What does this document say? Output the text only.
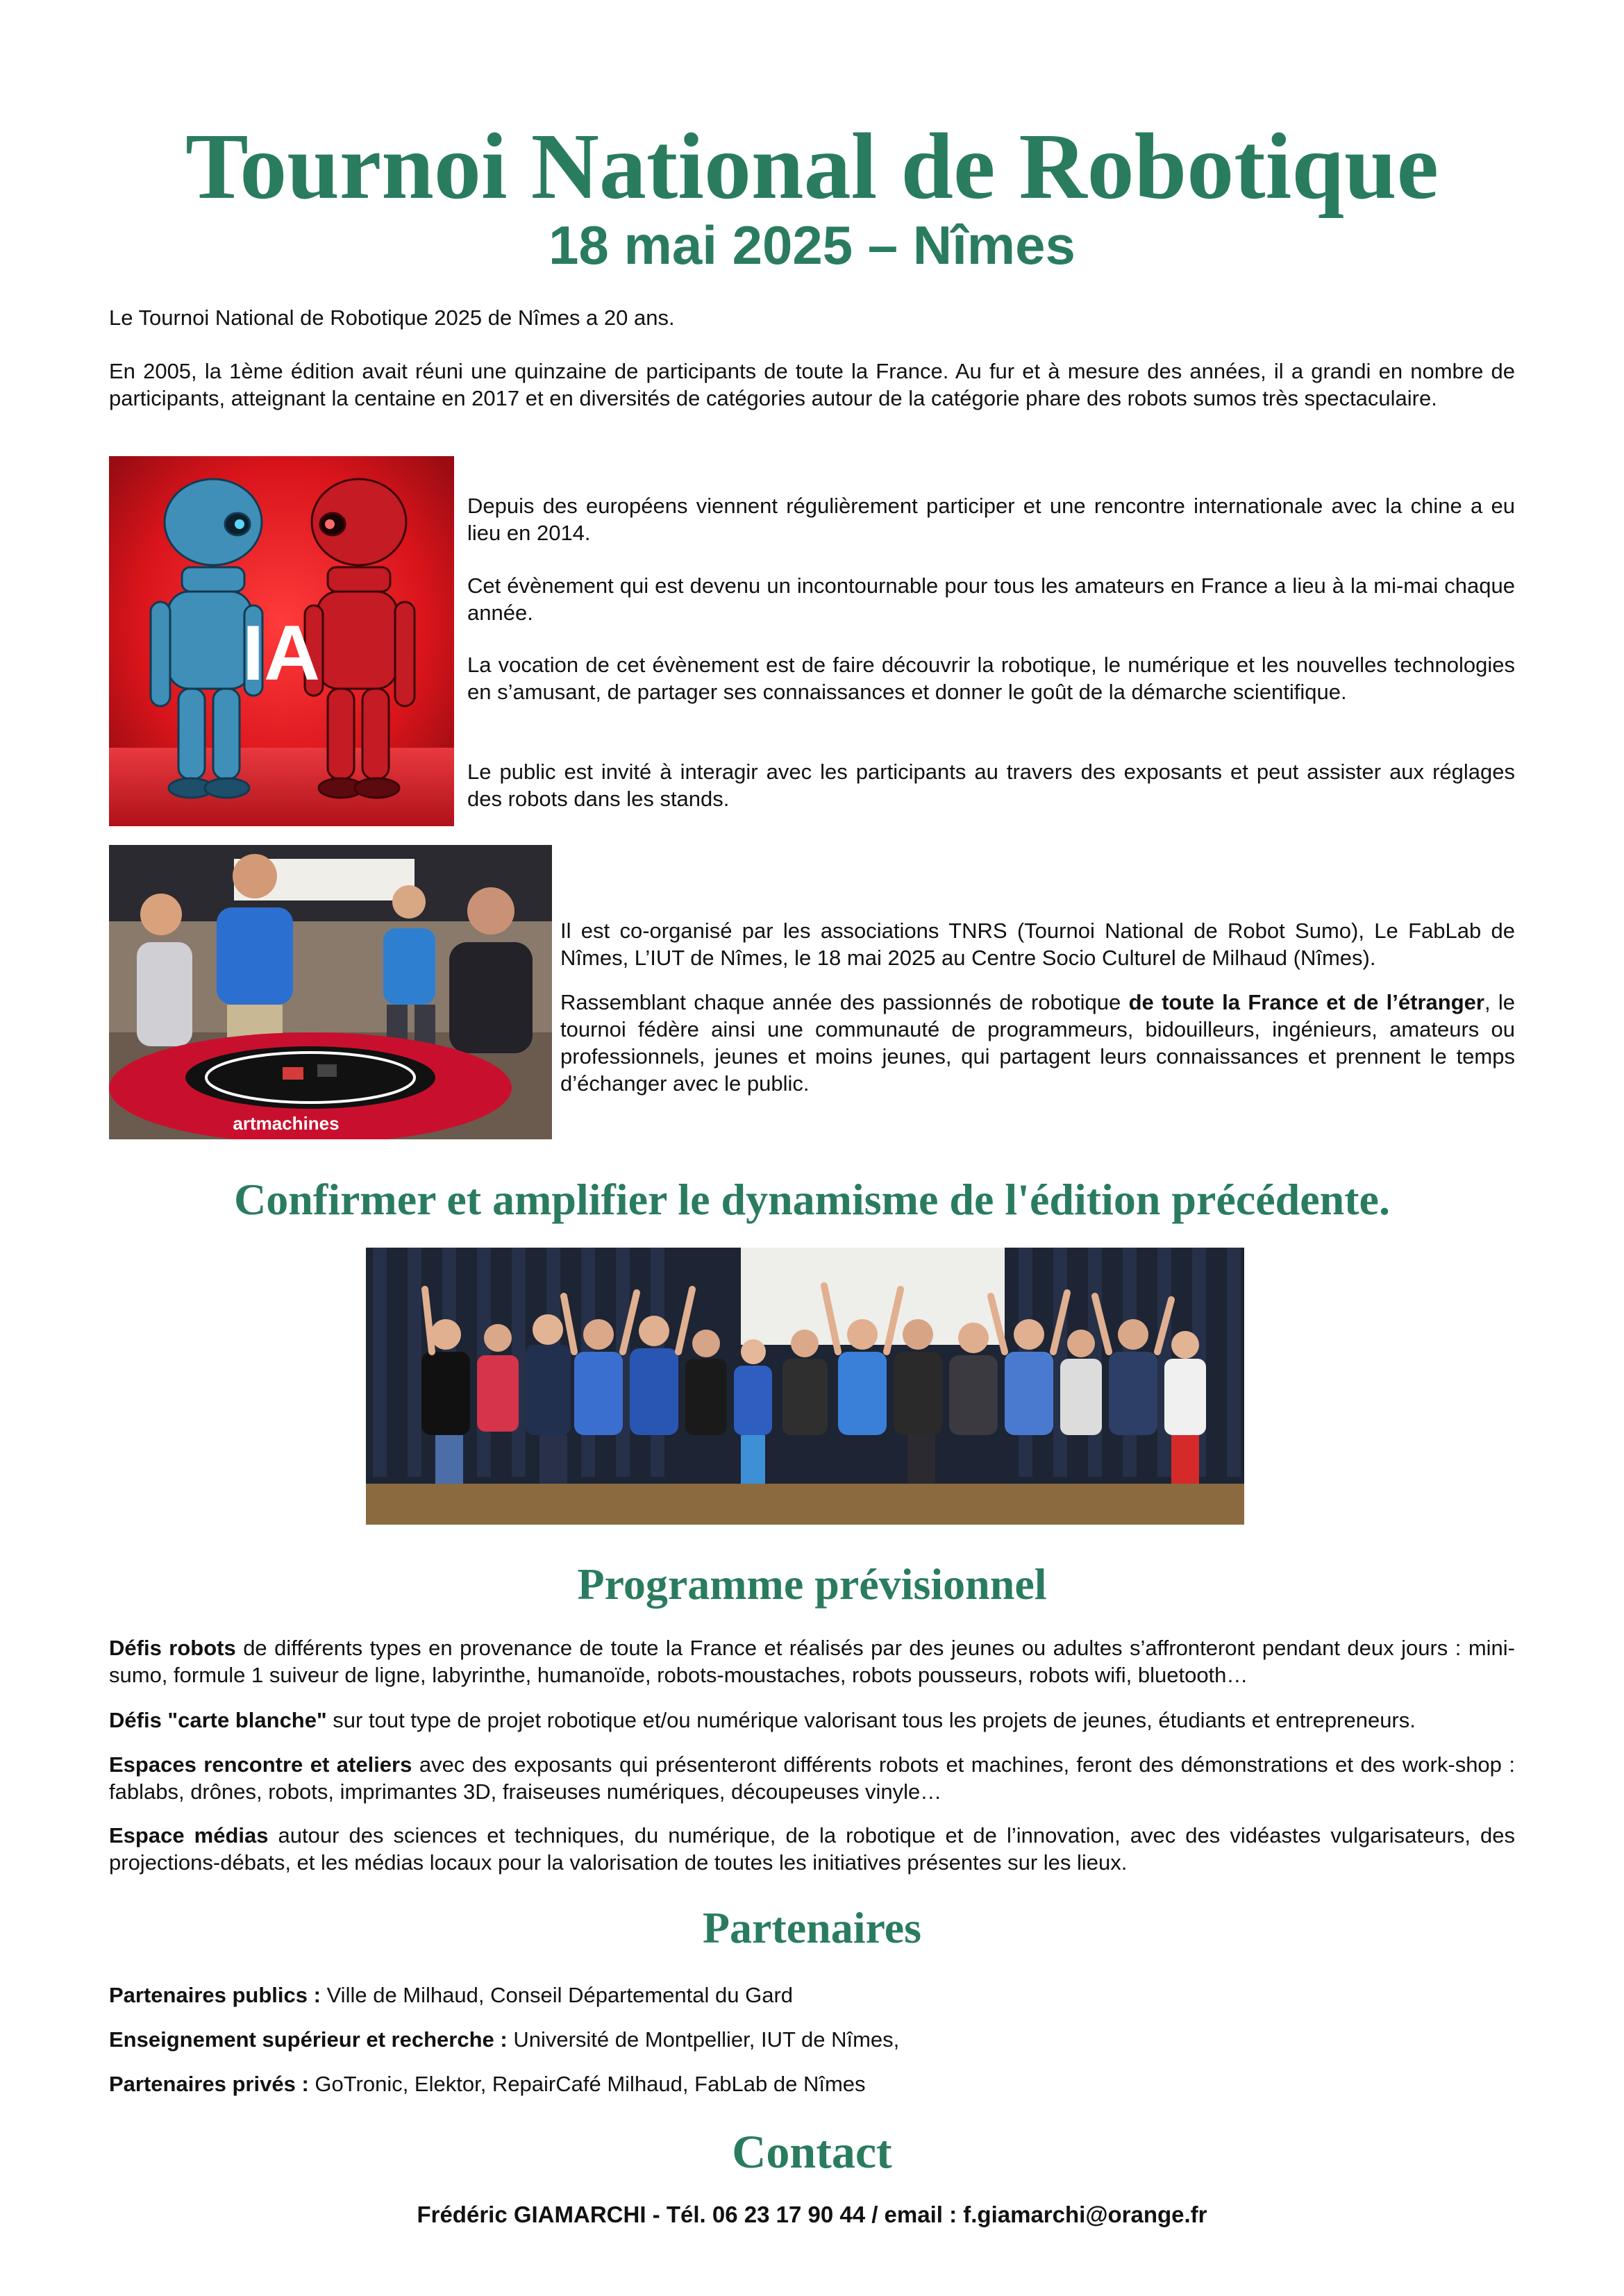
Tournoi National de Robotique
18 mai 2025 – Nîmes

Le Tournoi National de Robotique 2025 de Nîmes a 20 ans.

En 2005, la 1ème édition avait réuni une quinzaine de participants de toute la France. Au fur et à mesure des années, il a grandi en nombre de participants, atteignant la centaine en 2017 et en diversités de catégories autour de la catégorie phare des robots sumos très spectaculaire.

IA

Depuis des européens viennent régulièrement participer et une rencontre internationale avec la chine a eu lieu en 2014.

Cet évènement qui est devenu un incontournable pour tous les amateurs en France a lieu à la mi-mai chaque année.

La vocation de cet évènement est de faire découvrir la robotique, le numérique et les nouvelles technologies en s’amusant, de partager ses connaissances et donner le goût de la démarche scientifique.

Le public est invité à interagir avec les participants au travers des exposants et peut assister aux réglages des robots dans les stands.

artmachines

Il est co-organisé par les associations TNRS (Tournoi National de Robot Sumo), Le FabLab de Nîmes, L’IUT de Nîmes, le 18 mai 2025 au Centre Socio Culturel de Milhaud (Nîmes).

Rassemblant chaque année des passionnés de robotique de toute la France et de l’étranger, le tournoi fédère ainsi une communauté de programmeurs, bidouilleurs, ingénieurs, amateurs ou professionnels, jeunes et moins jeunes, qui partagent leurs connaissances et prennent le temps d’échanger avec le public.

Confirmer et amplifier le dynamisme de l'édition précédente.
Programme prévisionnel

Défis robots de différents types en provenance de toute la France et réalisés par des jeunes ou adultes s’affronteront pendant deux jours : mini-sumo, formule 1 suiveur de ligne, labyrinthe, humanoïde, robots-moustaches, robots pousseurs, robots wifi, bluetooth…

Défis "carte blanche" sur tout type de projet robotique et/ou numérique valorisant tous les projets de jeunes, étudiants et entrepreneurs.

Espaces rencontre et ateliers avec des exposants qui présenteront différents robots et machines, feront des démonstrations et des work-shop : fablabs, drônes, robots, imprimantes 3D, fraiseuses numériques, découpeuses vinyle…

Espace médias autour des sciences et techniques, du numérique, de la robotique et de l’innovation, avec des vidéastes vulgarisateurs, des projections-débats, et les médias locaux pour la valorisation de toutes les initiatives présentes sur les lieux.

Partenaires

Partenaires publics : Ville de Milhaud, Conseil Départemental du Gard

Enseignement supérieur et recherche : Université de Montpellier, IUT de Nîmes,

Partenaires privés : GoTronic, Elektor, RepairCafé Milhaud, FabLab de Nîmes

Contact

Frédéric GIAMARCHI - Tél. 06 23 17 90 44 / email : f.giamarchi@orange.fr
